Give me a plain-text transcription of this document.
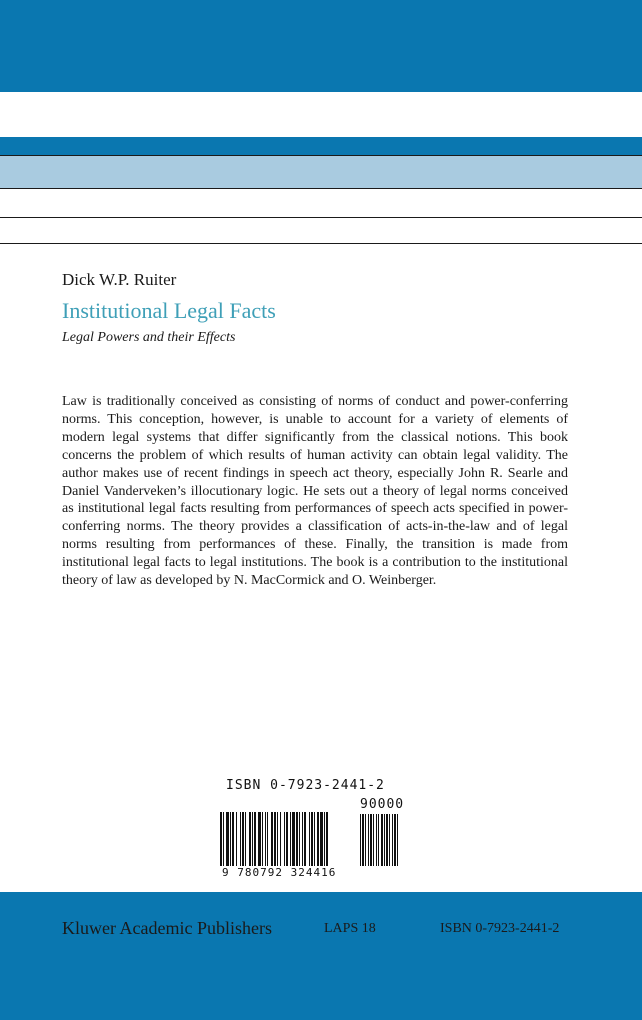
Dick W.P. Ruiter
Institutional Legal Facts
Legal Powers and their Effects

Law is traditionally conceived as consisting of norms of conduct and power-conferring norms. This conception, however, is unable to account for a variety of elements of modern legal systems that differ significantly from the classical notions. This book concerns the problem of which results of human activity can obtain legal validity. The author makes use of recent findings in speech act theory, especially John R. Searle and Daniel Vanderveken’s illocutionary logic. He sets out a theory of legal norms conceived as institutional legal facts resulting from performances of speech acts specified in power-conferring norms. The theory provides a classification of acts-in-the-law and of legal norms resulting from performances of these. Finally, the transition is made from institutional legal facts to legal institutions. The book is a contribution to the institutional theory of law as developed by N. MacCormick and O. Weinberger.

ISBN 0-7923-2441-2
90000
9 780792 324416
Kluwer Academic Publishers	LAPS 18	ISBN 0-7923-2441-2
